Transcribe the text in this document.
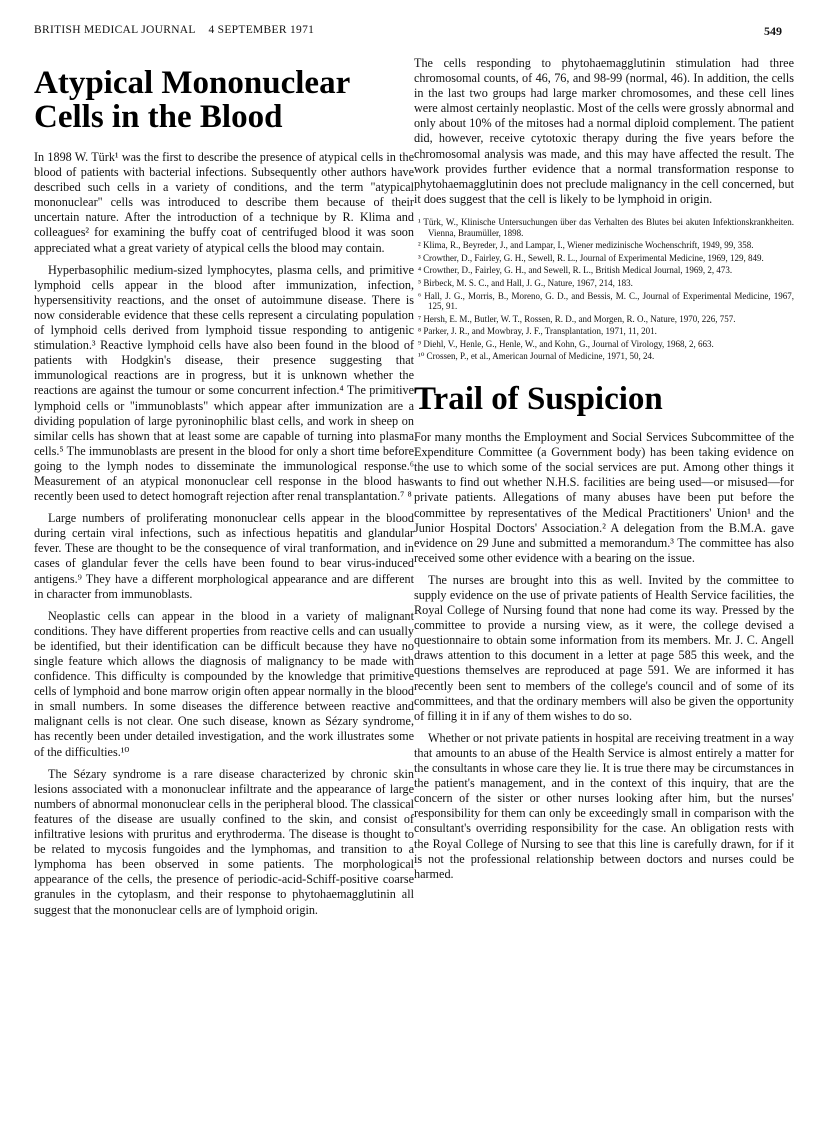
BRITISH MEDICAL JOURNAL 4 SEPTEMBER 1971	549
Atypical Mononuclear Cells in the Blood

In 1898 W. Türk¹ was the first to describe the presence of atypical cells in the blood of patients with bacterial infections. Subsequently other authors have described such cells in a variety of conditions, and the term "atypical mononuclear" cells was introduced to describe them because of their uncertain nature. After the introduction of a technique by R. Klima and colleagues² for examining the buffy coat of centrifuged blood it was soon appreciated what a great variety of atypical cells the blood may contain.

Hyperbasophilic medium-sized lymphocytes, plasma cells, and primitive lymphoid cells appear in the blood after immunization, infection, hypersensitivity reactions, and the onset of autoimmune disease. There is now considerable evidence that these cells represent a circulating population of lymphoid cells derived from lymphoid tissue responding to antigenic stimulation.³ Reactive lymphoid cells have also been found in the blood of patients with Hodgkin's disease, their presence suggesting that immunological reactions are in progress, but it is unknown whether the reactions are against the tumour or some concurrent infection.⁴ The primitive lymphoid cells or "immunoblasts" which appear after immunization are a dividing population of large pyroninophilic blast cells, and work in sheep on similar cells has shown that at least some are capable of turning into plasma cells.⁵ The immunoblasts are present in the blood for only a short time before going to the lymph nodes to disseminate the immunological response.⁶ Measurement of an atypical mononuclear cell response in the blood has recently been used to detect homograft rejection after renal transplantation.⁷ ⁸

Large numbers of proliferating mononuclear cells appear in the blood during certain viral infections, such as infectious hepatitis and glandular fever. These are thought to be the consequence of viral tranformation, and in cases of glandular fever the cells have been found to bear virus-induced antigens.⁹ They have a different morphological appearance and are different in character from immunoblasts.

Neoplastic cells can appear in the blood in a variety of malignant conditions. They have different properties from reactive cells and can usually be identified, but their identification can be difficult because they have no single feature which allows the diagnosis of malignancy to be made with confidence. This difficulty is compounded by the knowledge that primitive cells of lymphoid and bone marrow origin often appear normally in the blood in small numbers. In some diseases the difference between reactive and malignant cells is not clear. One such disease, known as Sézary syndrome, has recently been under detailed investigation, and the work illustrates some of the difficulties.¹⁰

The Sézary syndrome is a rare disease characterized by chronic skin lesions associated with a mononuclear infiltrate and the appearance of large numbers of abnormal mononuclear cells in the peripheral blood. The classical features of the disease are usually confined to the skin, and consist of infiltrative lesions with pruritus and erythroderma. The disease is thought to be related to mycosis fungoides and the lymphomas, and transition to a lymphoma has been observed in some patients. The morphological appearance of the cells, the presence of periodic-acid-Schiff-positive coarse granules in the cytoplasm, and their response to phytohaemagglutinin all suggest that the mononuclear cells are of lymphoid origin.

The cells responding to phytohaemagglutinin stimulation had three chromosomal counts, of 46, 76, and 98-99 (normal, 46). In addition, the cells in the last two groups had large marker chromosomes, and these cell lines were almost certainly neoplastic. Most of the cells were grossly abnormal and only about 10% of the mitoses had a normal diploid complement. The patient did, however, receive cytotoxic therapy during the five years before the chromosomal analysis was made, and this may have affected the result. The work provides further evidence that a normal transformation response to phytohaemagglutinin does not preclude malignancy in the cell concerned, but it does suggest that the cell is likely to be lymphoid in origin.

¹ Türk, W., Klinische Untersuchungen über das Verhalten des Blutes bei akuten Infektionskrankheiten. Vienna, Braumüller, 1898.
² Klima, R., Beyreder, J., and Lampar, I., Wiener medizinische Wochenschrift, 1949, 99, 358.
³ Crowther, D., Fairley, G. H., Sewell, R. L., Journal of Experimental Medicine, 1969, 129, 849.
⁴ Crowther, D., Fairley, G. H., and Sewell, R. L., British Medical Journal, 1969, 2, 473.
⁵ Birbeck, M. S. C., and Hall, J. G., Nature, 1967, 214, 183.
⁶ Hall, J. G., Morris, B., Moreno, G. D., and Bessis, M. C., Journal of Experimental Medicine, 1967, 125, 91.
⁷ Hersh, E. M., Butler, W. T., Rossen, R. D., and Morgen, R. O., Nature, 1970, 226, 757.
⁸ Parker, J. R., and Mowbray, J. F., Transplantation, 1971, 11, 201.
⁹ Diehl, V., Henle, G., Henle, W., and Kohn, G., Journal of Virology, 1968, 2, 663.
¹⁰ Crossen, P., et al., American Journal of Medicine, 1971, 50, 24.
Trail of Suspicion

For many months the Employment and Social Services Subcommittee of the Expenditure Committee (a Government body) has been taking evidence on the use to which some of the social services are put. Among other things it wants to find out whether N.H.S. facilities are being used—or misused—for private patients. Allegations of many abuses have been put before the committee by representatives of the Medical Practitioners' Union¹ and the Junior Hospital Doctors' Association.² A delegation from the B.M.A. gave evidence on 29 June and submitted a memorandum.³ The committee has also received some other evidence with a bearing on the issue.

The nurses are brought into this as well. Invited by the committee to supply evidence on the use of private patients of Health Service facilities, the Royal College of Nursing found that none had come its way. Pressed by the committee to provide a nursing view, as it were, the college devised a questionnaire to obtain some information from its members. Mr. J. C. Angell draws attention to this document in a letter at page 585 this week, and the questions themselves are reproduced at page 591. We are informed it has recently been sent to members of the college's council and of some of its committees, and that the ordinary members will also be given the opportunity of filling it in if any of them wishes to do so.

Whether or not private patients in hospital are receiving treatment in a way that amounts to an abuse of the Health Service is almost entirely a matter for the consultants in whose care they lie. It is true there may be circumstances in the patient's management, and in the context of this inquiry, that are the concern of the sister or other nurses looking after him, but the nurses' responsibility for them can only be exceedingly small in comparison with the consultant's overriding responsibility for the case. An obligation rests with the Royal College of Nursing to see that this line is carefully drawn, for if it is not the professional relationship between doctors and nurses could be harmed.
